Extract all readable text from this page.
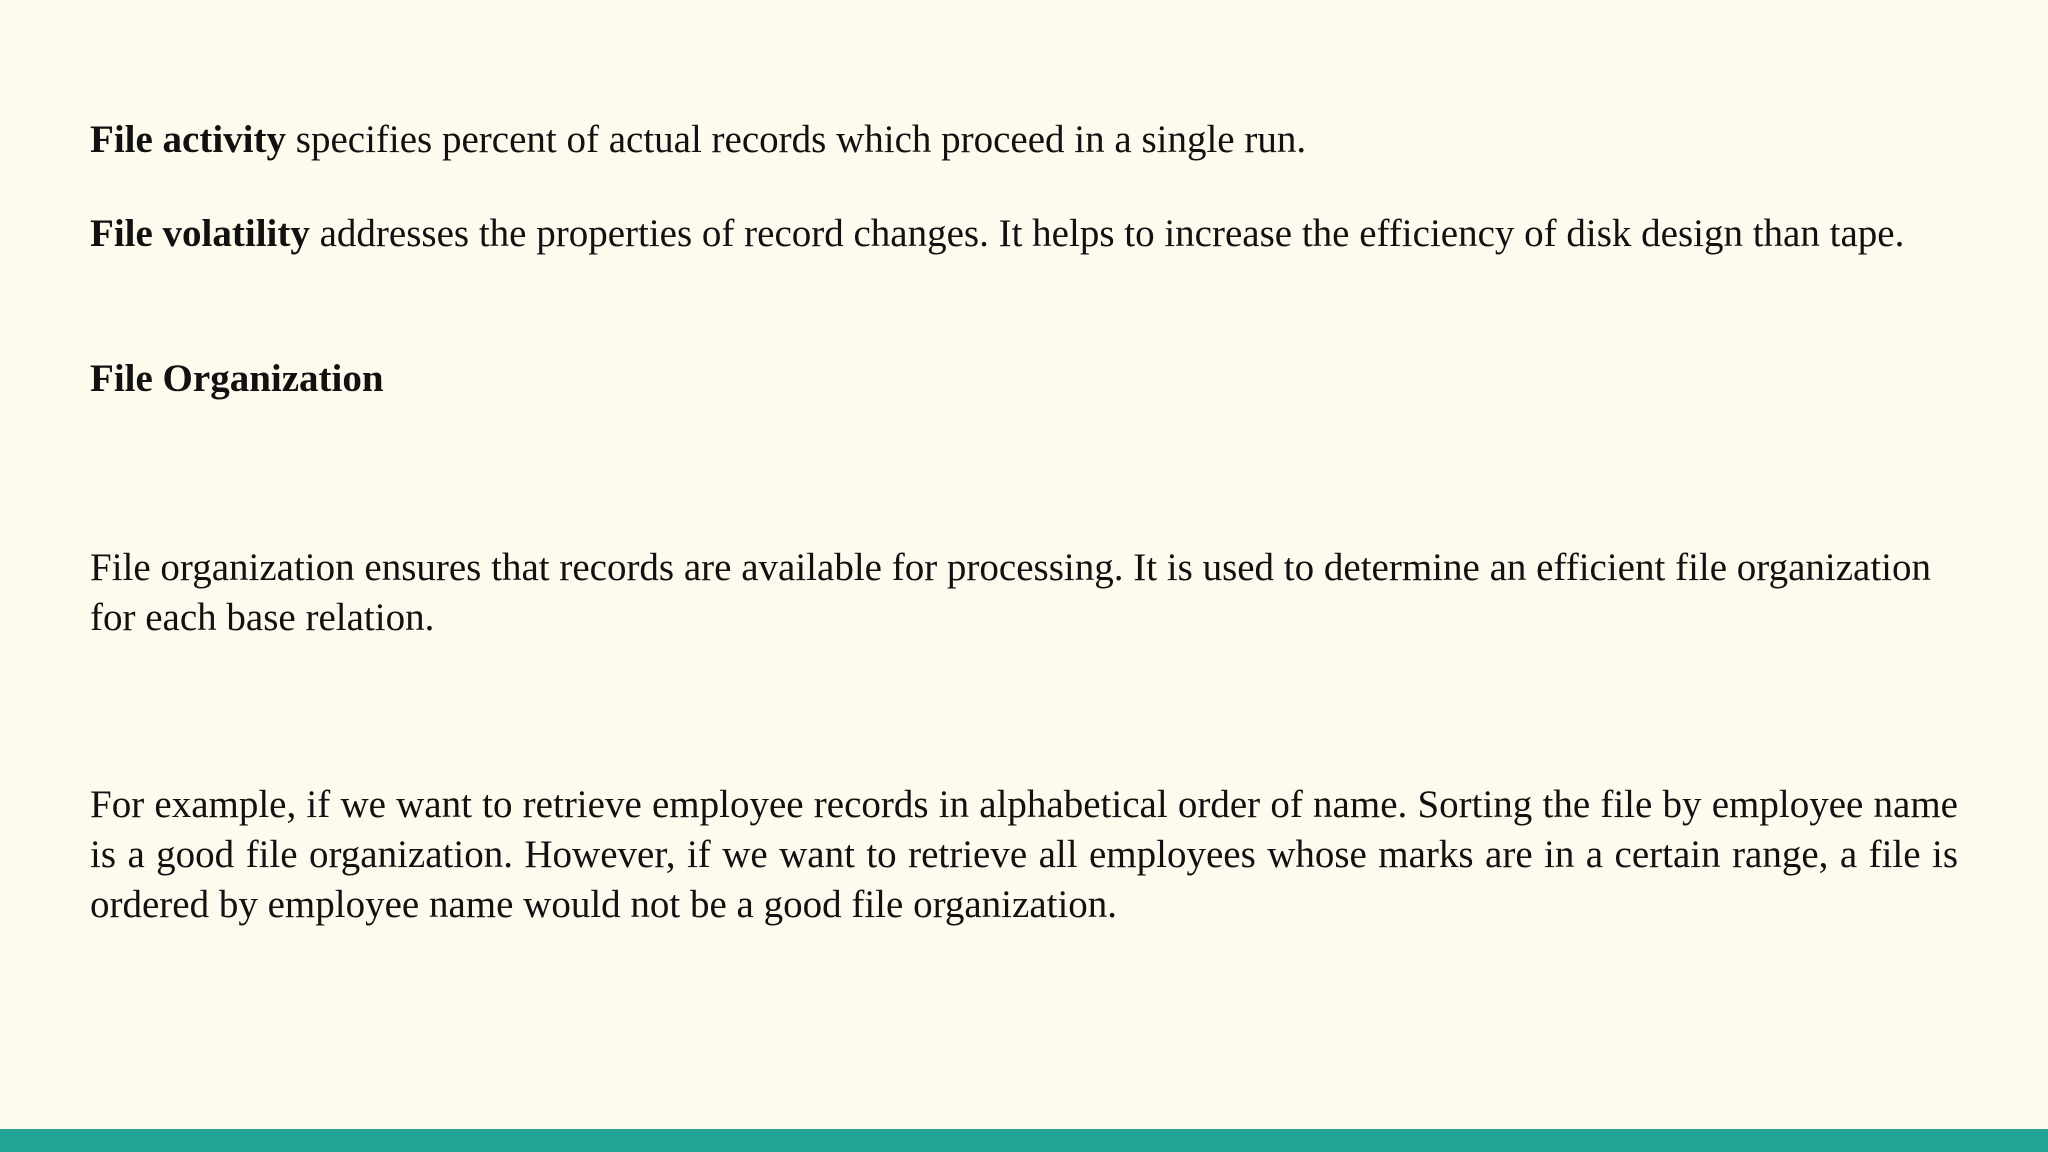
File activity specifies percent of actual records which proceed in a single run.

File volatility addresses the properties of record changes. It helps to increase the efficiency of disk design than tape.

File Organization

File organization ensures that records are available for processing. It is used to determine an efficient file organization for each base relation.

For example, if we want to retrieve employee records in alphabetical order of name. Sorting the file by employee name is a good file organization. However, if we want to retrieve all employees whose marks are in a certain range, a file is ordered by employee name would not be a good file organization.
